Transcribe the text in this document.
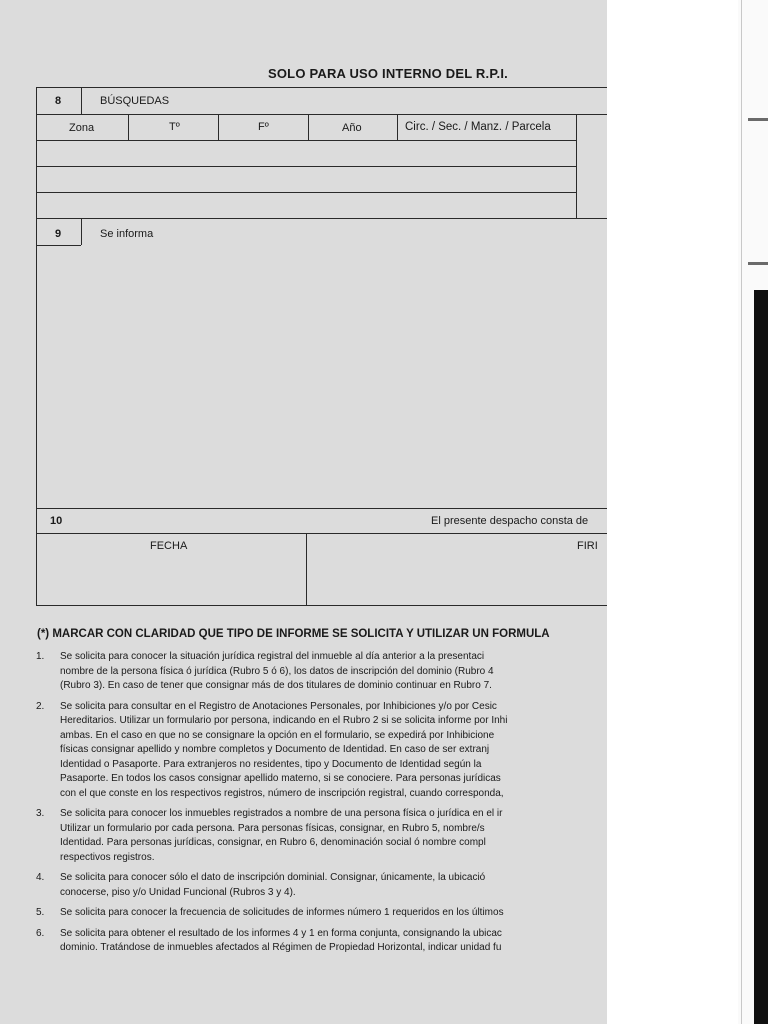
SOLO PARA USO INTERNO DEL R.P.I.
8	BÚSQUEDAS
Zona	Tº	Fº	Año	Circ. / Sec. / Manz. / Parcela
9	Se informa
10	El presente despacho consta de
FECHA	FIRI
(*) MARCAR CON CLARIDAD QUE TIPO DE INFORME SE SOLICITA Y UTILIZAR UN FORMULA
1. Se solicita para conocer la situación jurídica registral del inmueble al día anterior a la presentaci
nombre de la persona física ó jurídica (Rubro 5 ó 6), los datos de inscripción del dominio (Rubro 4
(Rubro 3). En caso de tener que consignar más de dos titulares de dominio continuar en Rubro 7.
2. Se solicita para consultar en el Registro de Anotaciones Personales, por Inhibiciones y/o por Cesic
Hereditarios. Utilizar un formulario por persona, indicando en el Rubro 2 si se solicita informe por Inhi
ambas. En el caso en que no se consignare la opción en el formulario, se expedirá por Inhibicione
físicas consignar apellido y nombre completos y Documento de Identidad. En caso de ser extranj
Identidad o Pasaporte. Para extranjeros no residentes, tipo y Documento de Identidad según la
Pasaporte. En todos los casos consignar apellido materno, si se conociere. Para personas jurídicas
con el que conste en los respectivos registros, número de inscripción registral, cuando corresponda,
3. Se solicita para conocer los inmuebles registrados a nombre de una persona física o jurídica en el ir
Utilizar un formulario por cada persona. Para personas físicas, consignar, en Rubro 5, nombre/s
Identidad. Para personas jurídicas, consignar, en Rubro 6, denominación social ó nombre compl
respectivos registros.
4. Se solicita para conocer sólo el dato de inscripción dominial. Consignar, únicamente, la ubicació
conocerse, piso y/o Unidad Funcional (Rubros 3 y 4).
5. Se solicita para conocer la frecuencia de solicitudes de informes número 1 requeridos en los últimos
6. Se solicita para obtener el resultado de los informes 4 y 1 en forma conjunta, consignando la ubicac
dominio. Tratándose de inmuebles afectados al Régimen de Propiedad Horizontal, indicar unidad fu
